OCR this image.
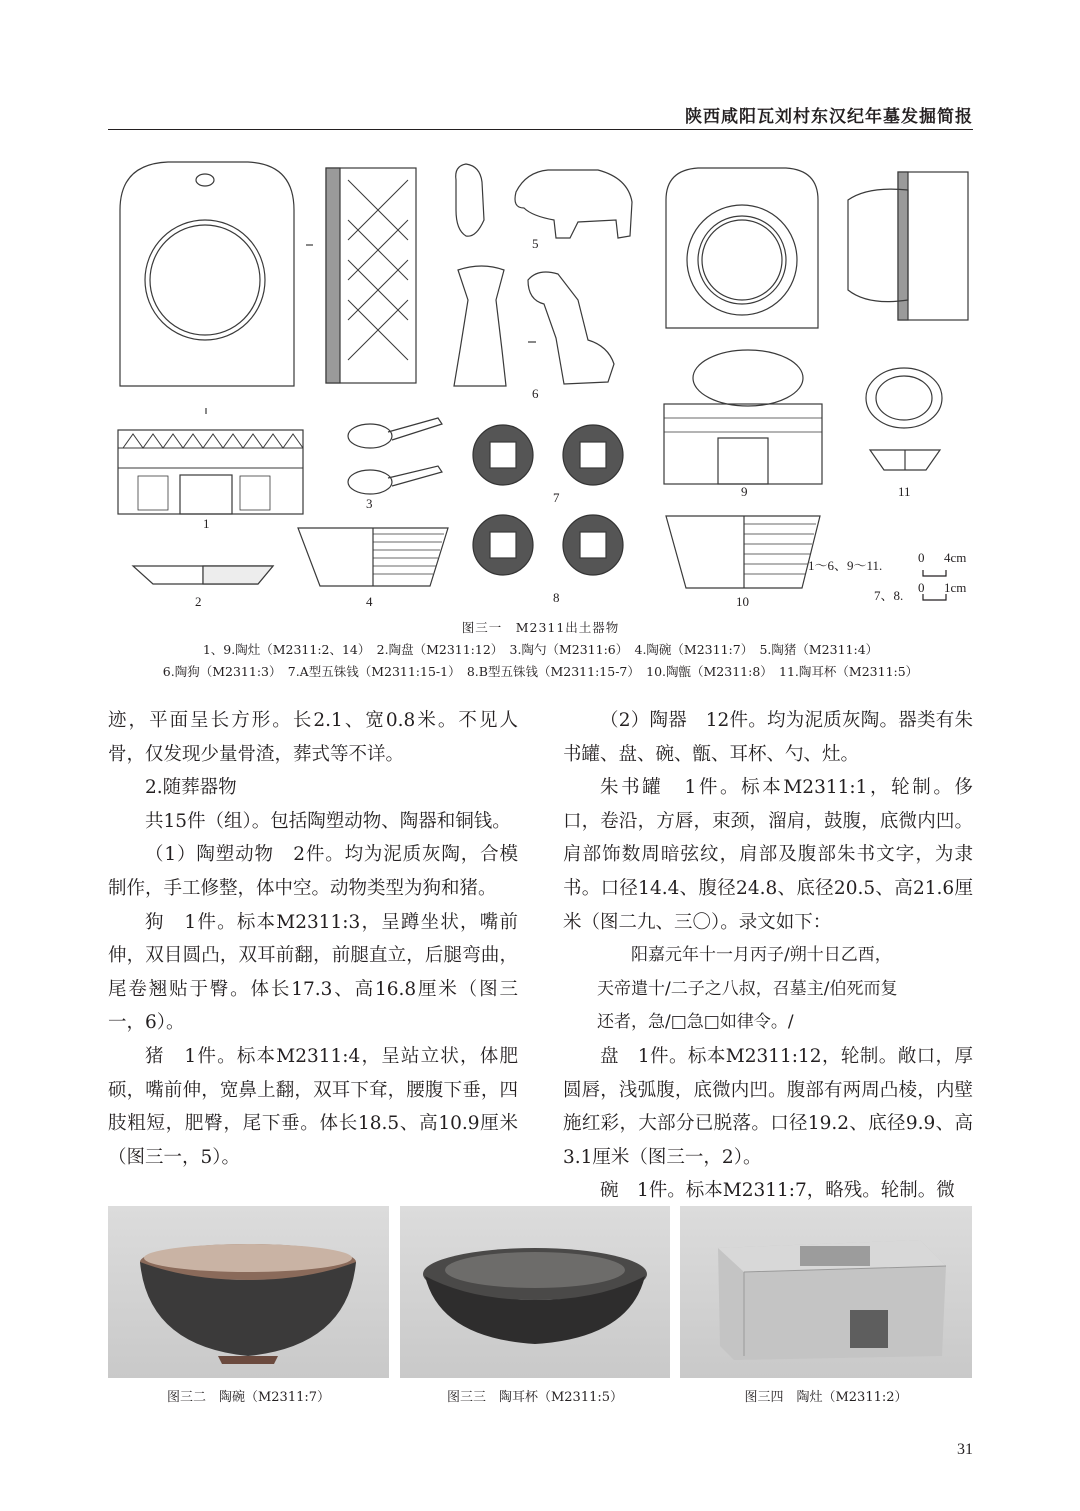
陕西咸阳瓦刘村东汉纪年墓发掘简报
1
2
3
4
5
6
7
8
9
10
11
1～6、9～11.
0 4cm
7、8.
0 1cm
图三一　M2311出土器物
1、9.陶灶（M2311:2、14）　2.陶盘（M2311:12）　3.陶勺（M2311:6）　4.陶碗（M2311:7）　5.陶猪（M2311:4）
6.陶狗（M2311:3）　7.A型五铢钱（M2311:15-1）　8.B型五铢钱（M2311:15-7）　10.陶甑（M2311:8）　11.陶耳杯（M2311:5）

迹，平面呈长方形。长2.1、宽0.8米。不见人骨，仅发现少量骨渣，葬式等不详。

2.随葬器物

共15件（组）。包括陶塑动物、陶器和铜钱。

（1）陶塑动物　2件。均为泥质灰陶，合模制作，手工修整，体中空。动物类型为狗和猪。

狗　1件。标本M2311:3，呈蹲坐状，嘴前伸，双目圆凸，双耳前翻，前腿直立，后腿弯曲，尾卷翘贴于臀。体长17.3、高16.8厘米（图三一，6）。

猪　1件。标本M2311:4，呈站立状，体肥硕，嘴前伸，宽鼻上翻，双耳下耷，腰腹下垂，四肢粗短，肥臀，尾下垂。体长18.5、高10.9厘米（图三一，5）。

（2）陶器　12件。均为泥质灰陶。器类有朱书罐、盘、碗、甑、耳杯、勺、灶。

朱书罐　1件。标本M2311:1，轮制。侈口，卷沿，方唇，束颈，溜肩，鼓腹，底微内凹。肩部饰数周暗弦纹，肩部及腹部朱书文字，为隶书。口径14.4、腹径24.8、底径20.5、高21.6厘米（图二九、三〇）。录文如下：

阳嘉元年十一月丙子/朔十日乙酉，

天帝遣十/二子之八叔，召墓主/伯死而复

还者，急/□急□如律令。/

盘　1件。标本M2311:12，轮制。敞口，厚圆唇，浅弧腹，底微内凹。腹部有两周凸棱，内壁施红彩，大部分已脱落。口径19.2、底径9.9、高3.1厘米（图三一，2）。

碗　1件。标本M2311:7，略残。轮制。微

图三二　陶碗（M2311:7）	图三三　陶耳杯（M2311:5）	图三四　陶灶（M2311:2）
31
